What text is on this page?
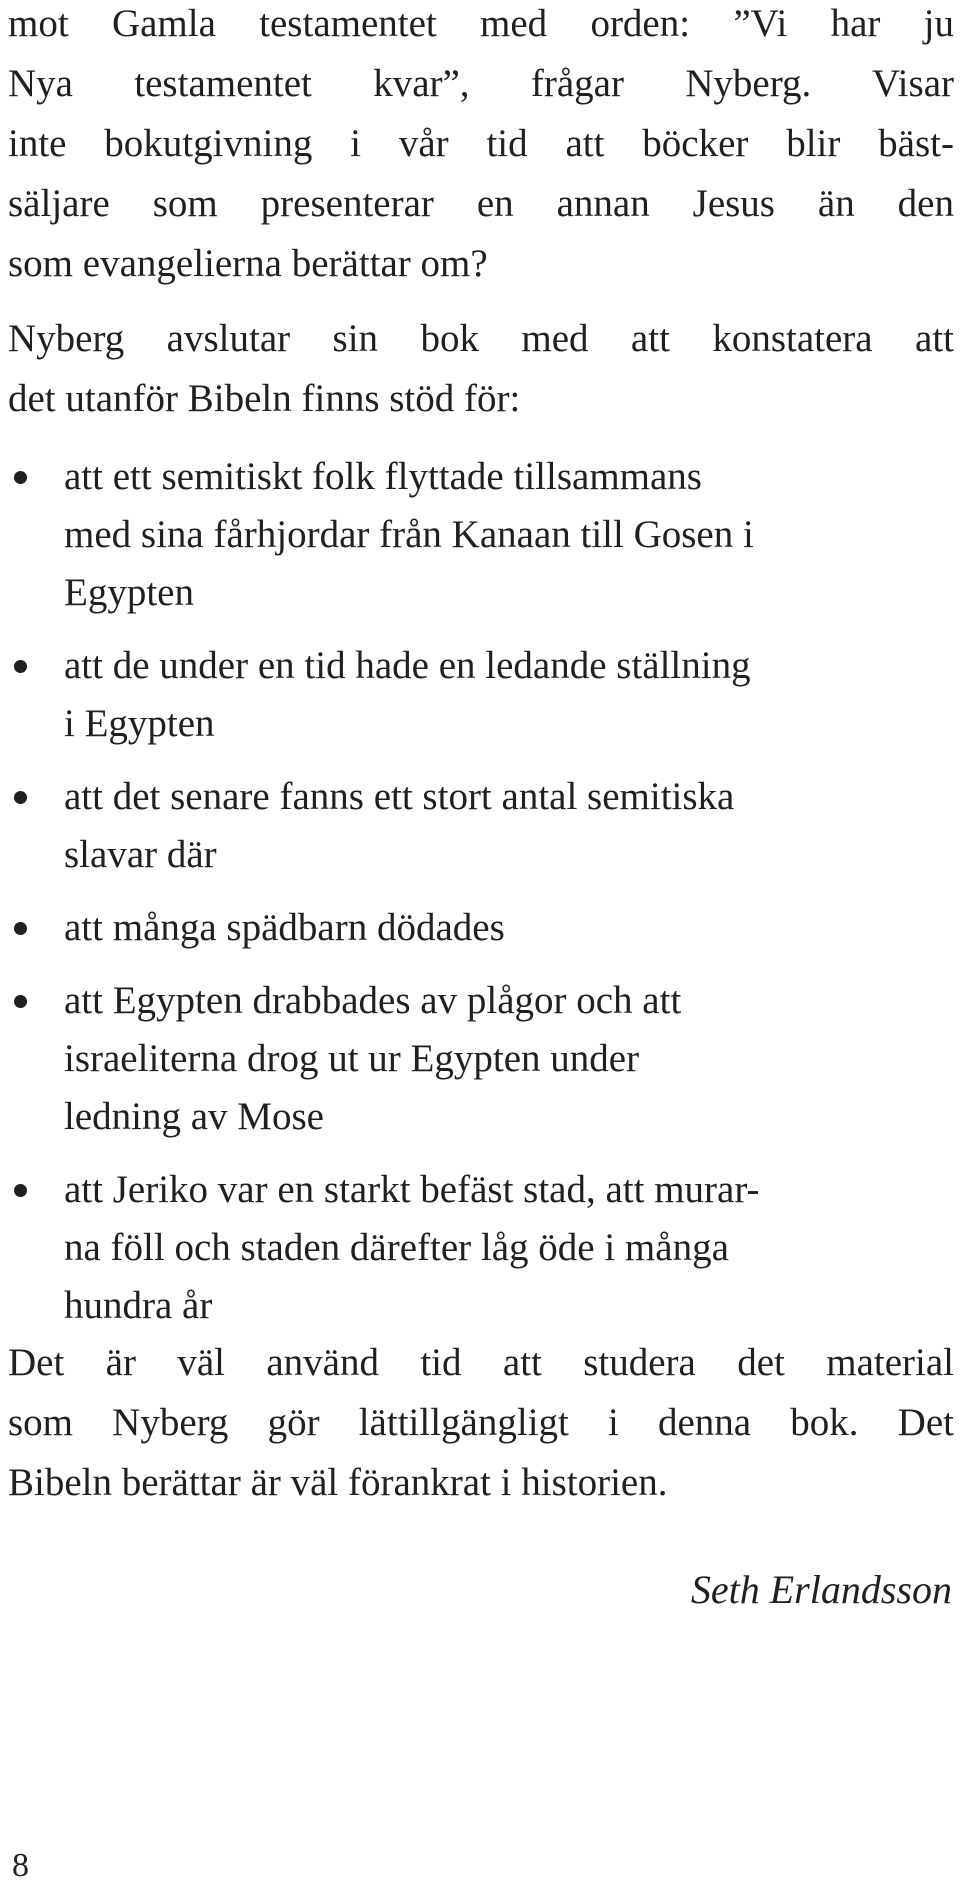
mot Gamla testamentet med orden: ”Vi har ju
Nya testamentet kvar”, frågar Nyberg. Visar
inte bokutgivning i vår tid att böcker blir bäst-
säljare som presenterar en annan Jesus än den
som evangelierna berättar om?

Nyberg avslutar sin bok med att konstatera att
det utanför Bibeln finns stöd för:

att ett semitiskt folk flyttade tillsammans
med sina fårhjordar från Kanaan till Gosen i
Egypten
att de under en tid hade en ledande ställning
i Egypten
att det senare fanns ett stort antal semitiska
slavar där
att många spädbarn dödades
att Egypten drabbades av plågor och att
israeliterna drog ut ur Egypten under
ledning av Mose
att Jeriko var en starkt befäst stad, att murar-
na föll och staden därefter låg öde i många
hundra år

Det är väl använd tid att studera det material
som Nyberg gör lättillgängligt i denna bok. Det
Bibeln berättar är väl förankrat i historien.

Seth Erlandsson
8
